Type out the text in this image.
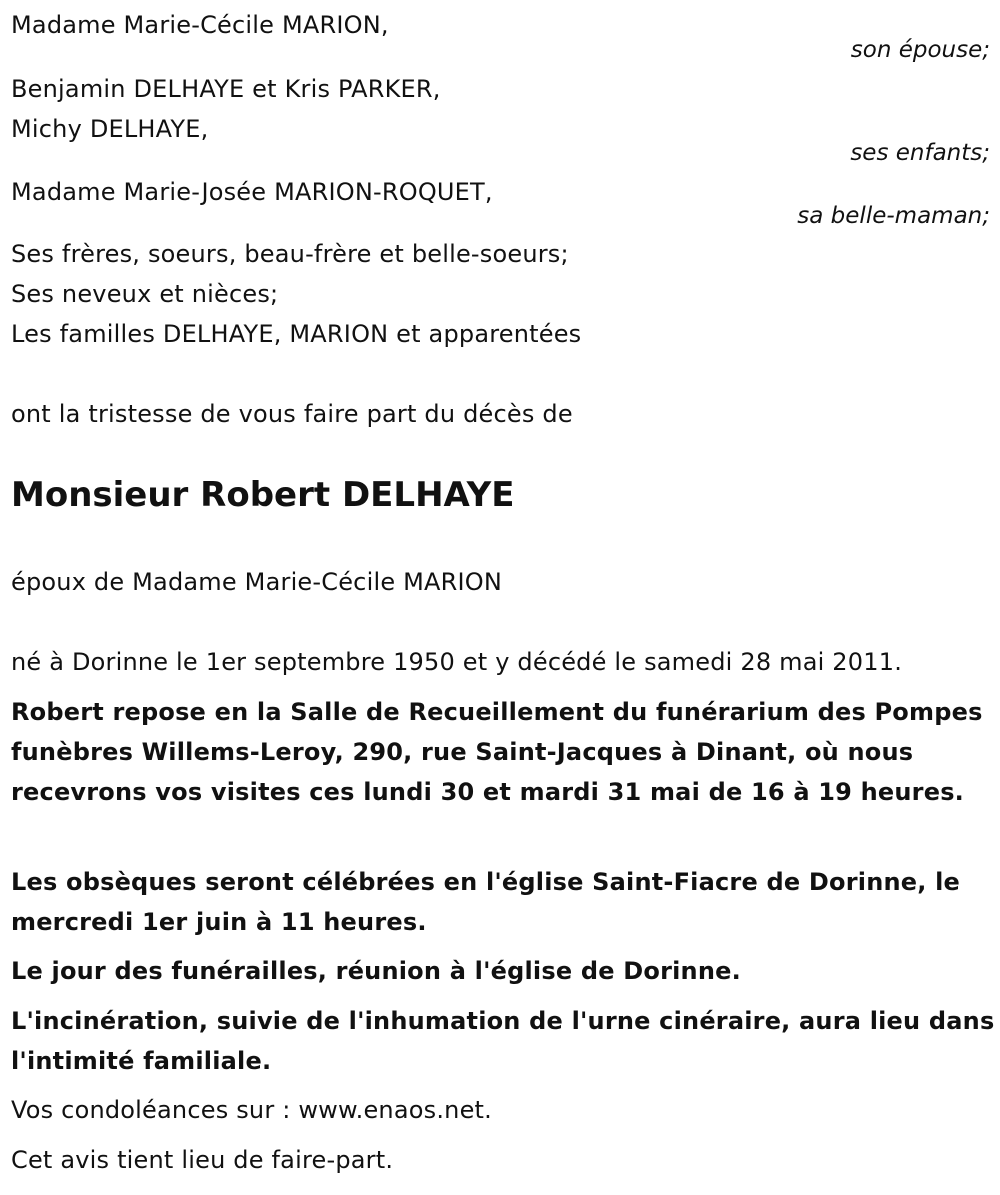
Madame Marie-Cécile MARION,
son épouse;
Benjamin DELHAYE et Kris PARKER,
Michy DELHAYE,
ses enfants;
Madame Marie-Josée MARION-ROQUET,
sa belle-maman;
Ses frères, soeurs, beau-frère et belle-soeurs;
Ses neveux et nièces;
Les familles DELHAYE, MARION et apparentées
ont la tristesse de vous faire part du décès de
Monsieur Robert DELHAYE
époux de Madame Marie-Cécile MARION
né à Dorinne le 1er septembre 1950 et y décédé le samedi 28 mai 2011.
Robert repose en la Salle de Recueillement du funérarium des Pompes funèbres Willems-Leroy, 290, rue Saint-Jacques à Dinant, où nous recevrons vos visites ces lundi 30 et mardi 31 mai de 16 à 19 heures.
Les obsèques seront célébrées en l'église Saint-Fiacre de Dorinne, le mercredi 1er juin à 11 heures.
Le jour des funérailles, réunion à l'église de Dorinne.
L'incinération, suivie de l'inhumation de l'urne cinéraire, aura lieu dans l'intimité familiale.
Vos condoléances sur : www.enaos.net.
Cet avis tient lieu de faire-part.
